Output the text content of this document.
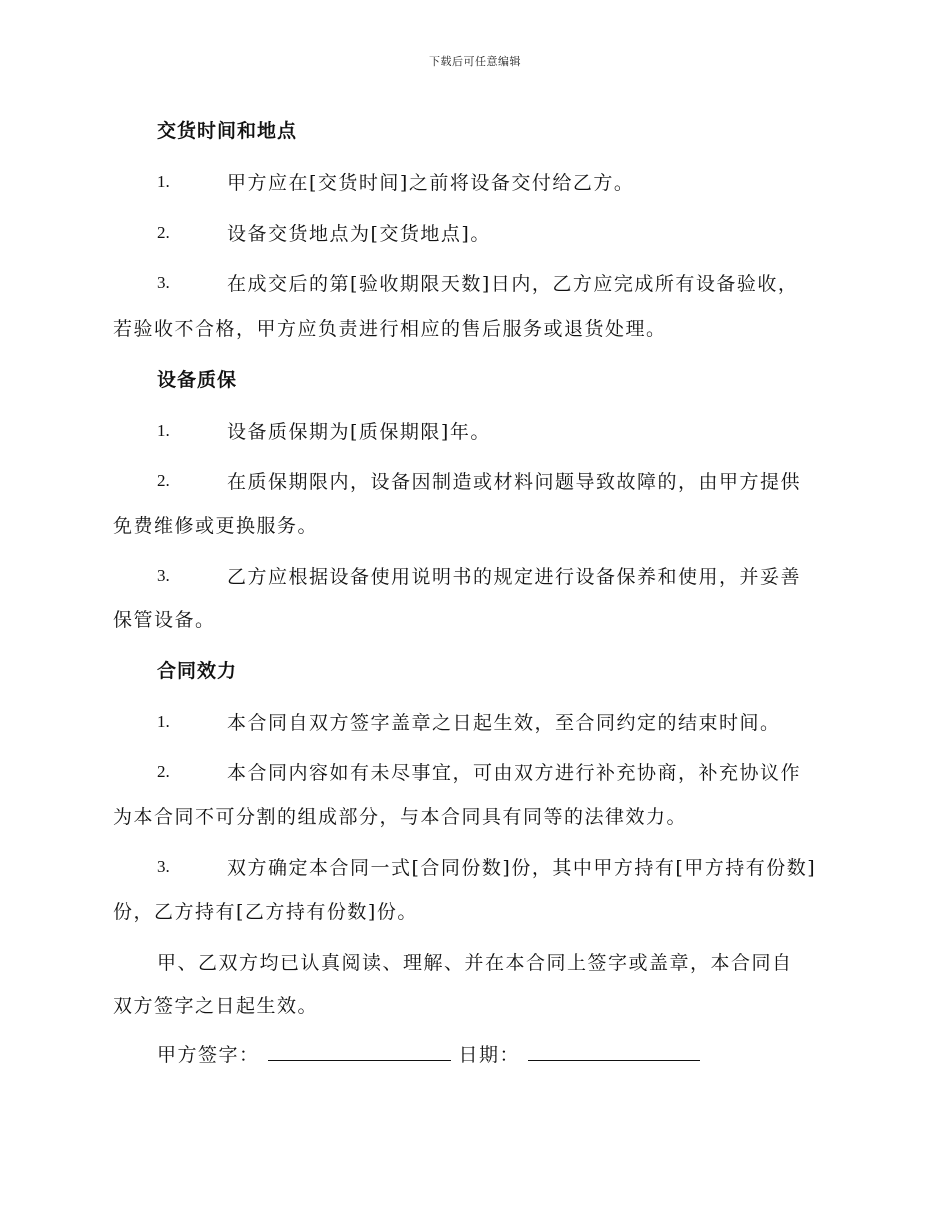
下载后可任意编辑
交货时间和地点
1.	甲方应在[交货时间]之前将设备交付给乙方。
2.	设备交货地点为[交货地点]。
3.	在成交后的第[验收期限天数]日内，乙方应完成所有设备验收，
若验收不合格，甲方应负责进行相应的售后服务或退货处理。
设备质保
1.	设备质保期为[质保期限]年。
2.	在质保期限内，设备因制造或材料问题导致故障的，由甲方提供
免费维修或更换服务。
3.	乙方应根据设备使用说明书的规定进行设备保养和使用，并妥善
保管设备。
合同效力
1.	本合同自双方签字盖章之日起生效，至合同约定的结束时间。
2.	本合同内容如有未尽事宜，可由双方进行补充协商，补充协议作
为本合同不可分割的组成部分，与本合同具有同等的法律效力。
3.	双方确定本合同一式[合同份数]份，其中甲方持有[甲方持有份数]
份，乙方持有[乙方持有份数]份。
甲、乙双方均已认真阅读、理解、并在本合同上签字或盖章，本合同自
双方签字之日起生效。
甲方签字：	日期：
